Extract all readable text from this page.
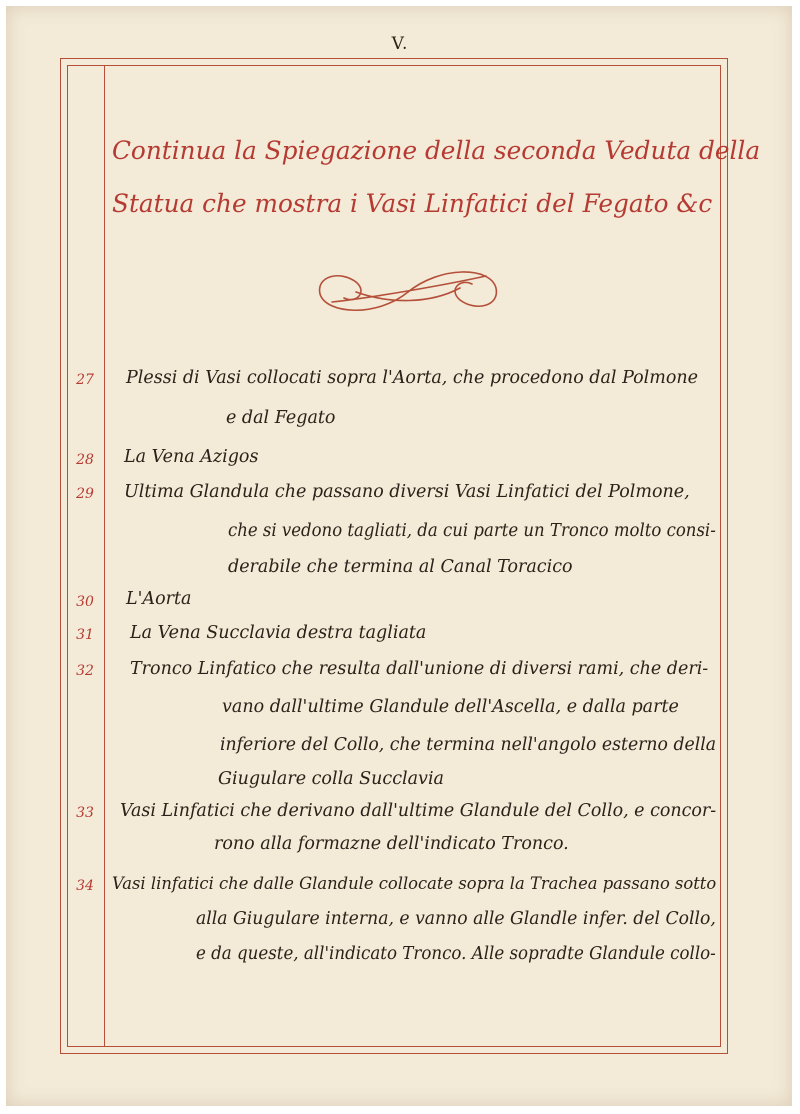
V.
Continua la Spiegazione della seconda Veduta della
Statua che mostra i Vasi Linfatici del Fegato &c
27	Plessi di Vasi collocati sopra l'Aorta, che procedono dal Polmone
e dal Fegato
28	La Vena Azigos
29	Ultima Glandula che passano diversi Vasi Linfatici del Polmone,
che si vedono tagliati, da cui parte un Tronco molto consi-
derabile che termina al Canal Toracico
30	L'Aorta
31	La Vena Succlavia destra tagliata
32	Tronco Linfatico che resulta dall'unione di diversi rami, che deri-
vano dall'ultime Glandule dell'Ascella, e dalla parte
inferiore del Collo, che termina nell'angolo esterno della
Giugulare colla Succlavia
33	Vasi Linfatici che derivano dall'ultime Glandule del Collo, e concor-
rono alla formazne dell'indicato Tronco.
34	Vasi linfatici che dalle Glandule collocate sopra la Trachea passano sotto
alla Giugulare interna, e vanno alle Glandle infer. del Collo,
e da queste, all'indicato Tronco. Alle sopradte Glandule collo-
